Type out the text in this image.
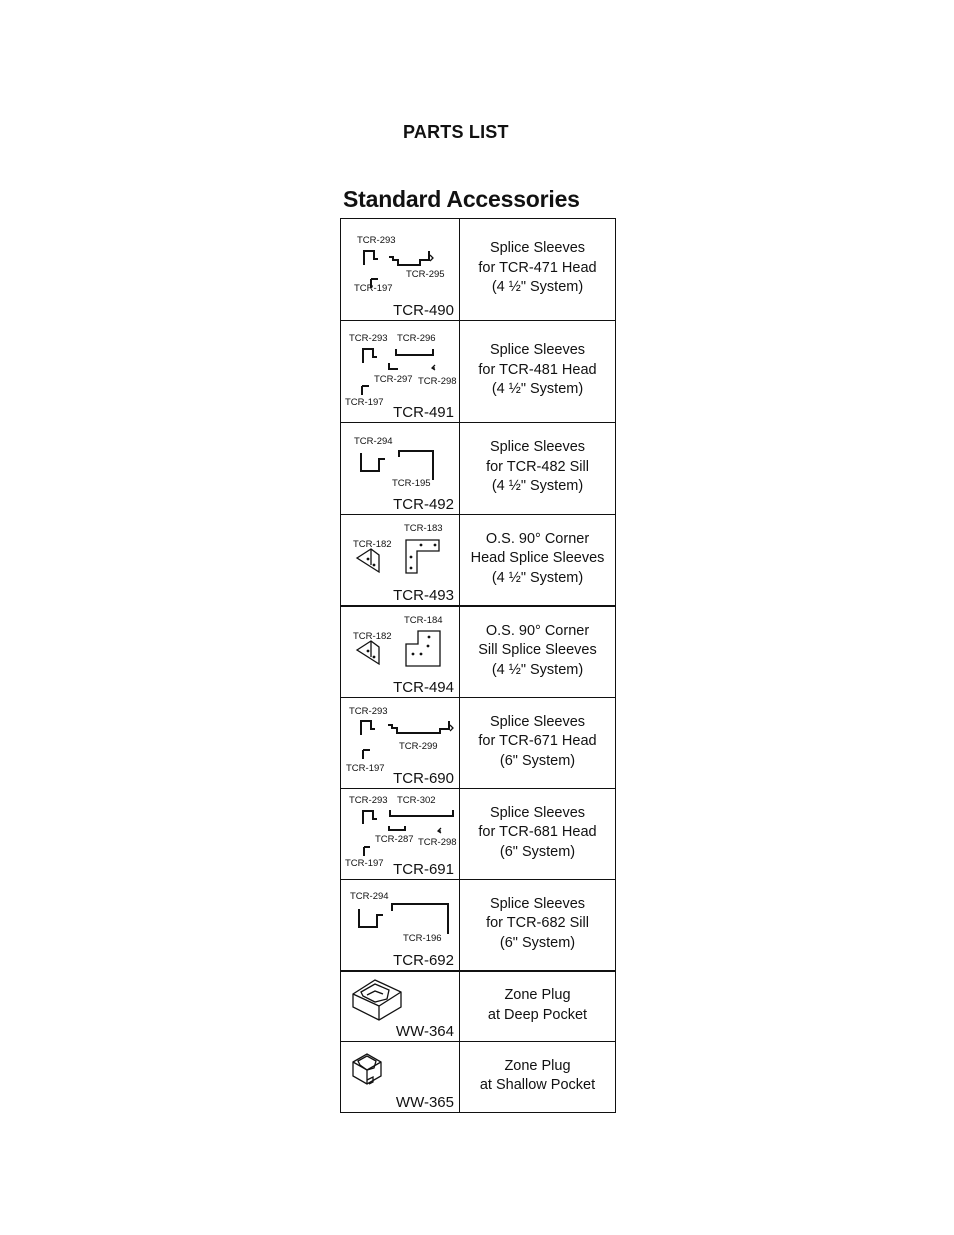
PARTS LIST
Standard Accessories
TCR-293
TCR-295
TCR-197
TCR-490
Splice Sleeves
for TCR-471 Head
(4 ½" System)
TCR-293 TCR-296
TCR-297 TCR-298
TCR-197
TCR-491
Splice Sleeves
for TCR-481 Head
(4 ½" System)
TCR-294
TCR-195
TCR-492
Splice Sleeves
for TCR-482 Sill
(4 ½" System)
TCR-183
TCR-182
TCR-493
O.S. 90° Corner
Head Splice Sleeves
(4 ½" System)
TCR-184
TCR-182
TCR-494
O.S. 90° Corner
Sill Splice Sleeves
(4 ½" System)
TCR-293
TCR-299
TCR-197
TCR-690
Splice Sleeves
for TCR-671 Head
(6" System)
TCR-293 TCR-302
TCR-287 TCR-298
TCR-197 TCR-691
Splice Sleeves
for TCR-681 Head
(6" System)
TCR-294
TCR-196
TCR-692
Splice Sleeves
for TCR-682 Sill
(6" System)
WW-364
Zone Plug
at Deep Pocket
WW-365
Zone Plug
at Shallow Pocket
